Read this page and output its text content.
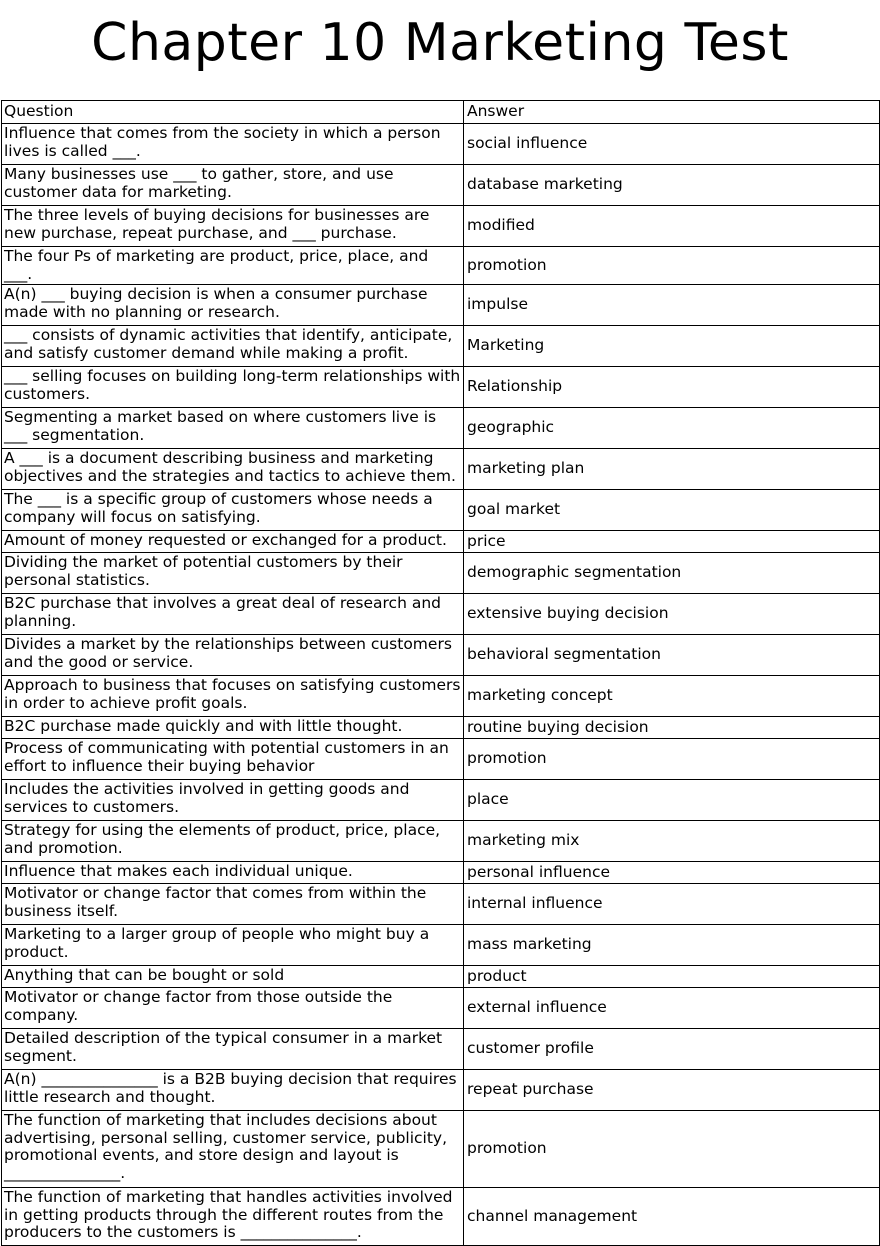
Chapter 10 Marketing Test
Question	Answer
Influence that comes from the society in which a person lives is called ___.	social influence
Many businesses use ___ to gather, store, and use customer data for marketing.	database marketing
The three levels of buying decisions for businesses are new purchase, repeat purchase, and ___ purchase.	modified
The four Ps of marketing are product, price, place, and ___.	promotion
A(n) ___ buying decision is when a consumer purchase made with no planning or research.	impulse
___ consists of dynamic activities that identify, anticipate, and satisfy customer demand while making a profit.	Marketing
___ selling focuses on building long-term relationships with customers.	Relationship
Segmenting a market based on where customers live is ___ segmentation.	geographic
A ___ is a document describing business and marketing objectives and the strategies and tactics to achieve them.	marketing plan
The ___ is a specific group of customers whose needs a company will focus on satisfying.	goal market
Amount of money requested or exchanged for a product.	price
Dividing the market of potential customers by their personal statistics.	demographic segmentation
B2C purchase that involves a great deal of research and planning.	extensive buying decision
Divides a market by the relationships between customers and the good or service.	behavioral segmentation
Approach to business that focuses on satisfying customers in order to achieve profit goals.	marketing concept
B2C purchase made quickly and with little thought.	routine buying decision
Process of communicating with potential customers in an effort to influence their buying behavior	promotion
Includes the activities involved in getting goods and services to customers.	place
Strategy for using the elements of product, price, place, and promotion.	marketing mix
Influence that makes each individual unique.	personal influence
Motivator or change factor that comes from within the business itself.	internal influence
Marketing to a larger group of people who might buy a product.	mass marketing
Anything that can be bought or sold	product
Motivator or change factor from those outside the company.	external influence
Detailed description of the typical consumer in a market segment.	customer profile
A(n) _______________ is a B2B buying decision that requires little research and thought.	repeat purchase
The function of marketing that includes decisions about advertising, personal selling, customer service, publicity, promotional events, and store design and layout is _______________.	promotion
The function of marketing that handles activities involved in getting products through the different routes from the producers to the customers is _______________.	channel management
